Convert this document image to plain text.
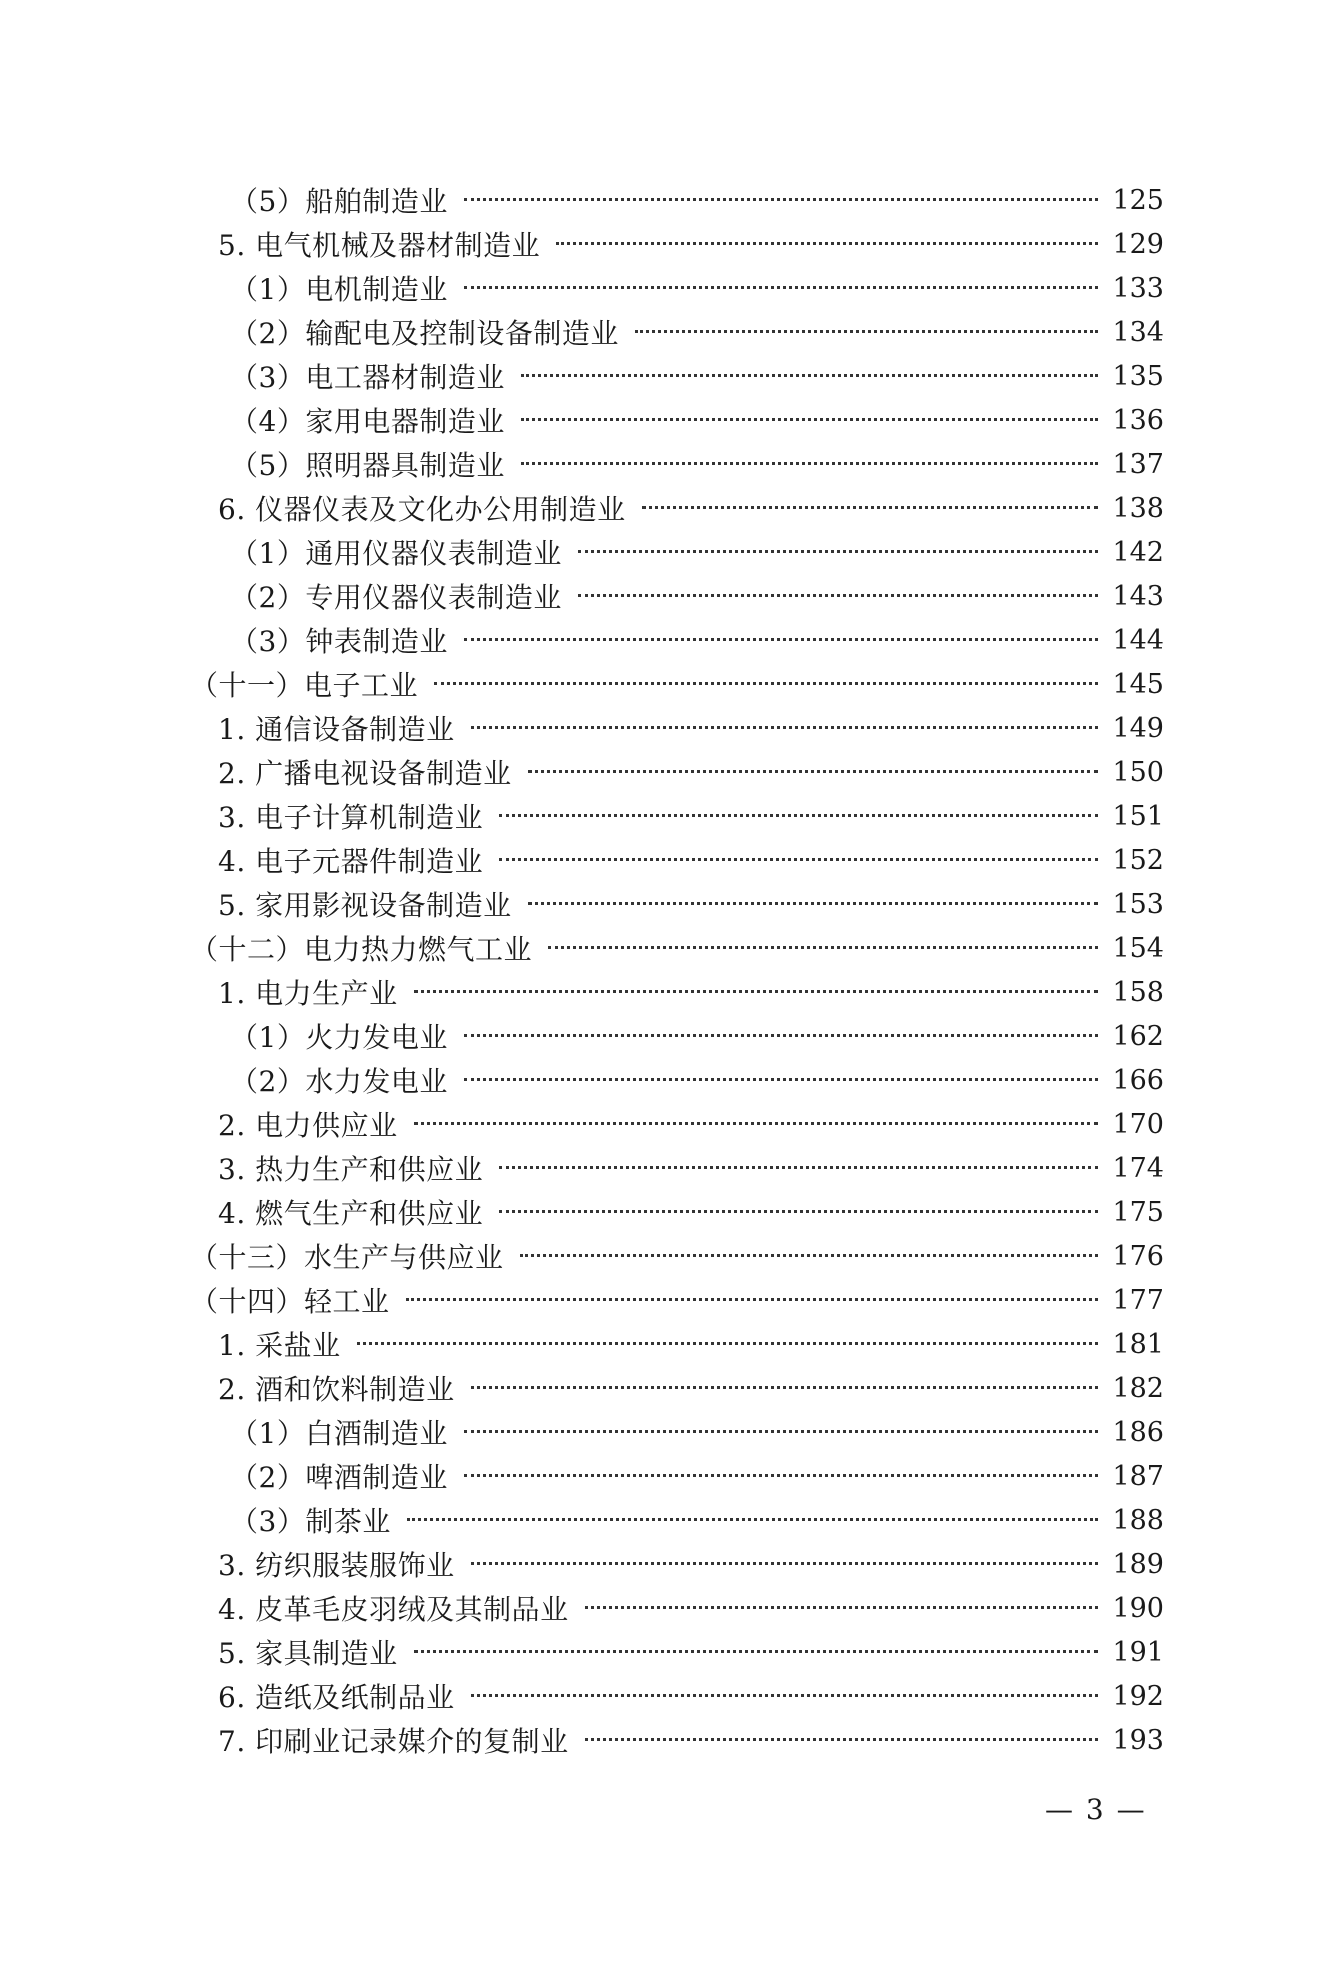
（5）船舶制造业	125
5. 电气机械及器材制造业	129
（1）电机制造业	133
（2）输配电及控制设备制造业	134
（3）电工器材制造业	135
（4）家用电器制造业	136
（5）照明器具制造业	137
6. 仪器仪表及文化办公用制造业	138
（1）通用仪器仪表制造业	142
（2）专用仪器仪表制造业	143
（3）钟表制造业	144
（十一）电子工业	145
1. 通信设备制造业	149
2. 广播电视设备制造业	150
3. 电子计算机制造业	151
4. 电子元器件制造业	152
5. 家用影视设备制造业	153
（十二）电力热力燃气工业	154
1. 电力生产业	158
（1）火力发电业	162
（2）水力发电业	166
2. 电力供应业	170
3. 热力生产和供应业	174
4. 燃气生产和供应业	175
（十三）水生产与供应业	176
（十四）轻工业	177
1. 采盐业	181
2. 酒和饮料制造业	182
（1）白酒制造业	186
（2）啤酒制造业	187
（3）制茶业	188
3. 纺织服装服饰业	189
4. 皮革毛皮羽绒及其制品业	190
5. 家具制造业	191
6. 造纸及纸制品业	192
7. 印刷业记录媒介的复制业	193
— 3 —
